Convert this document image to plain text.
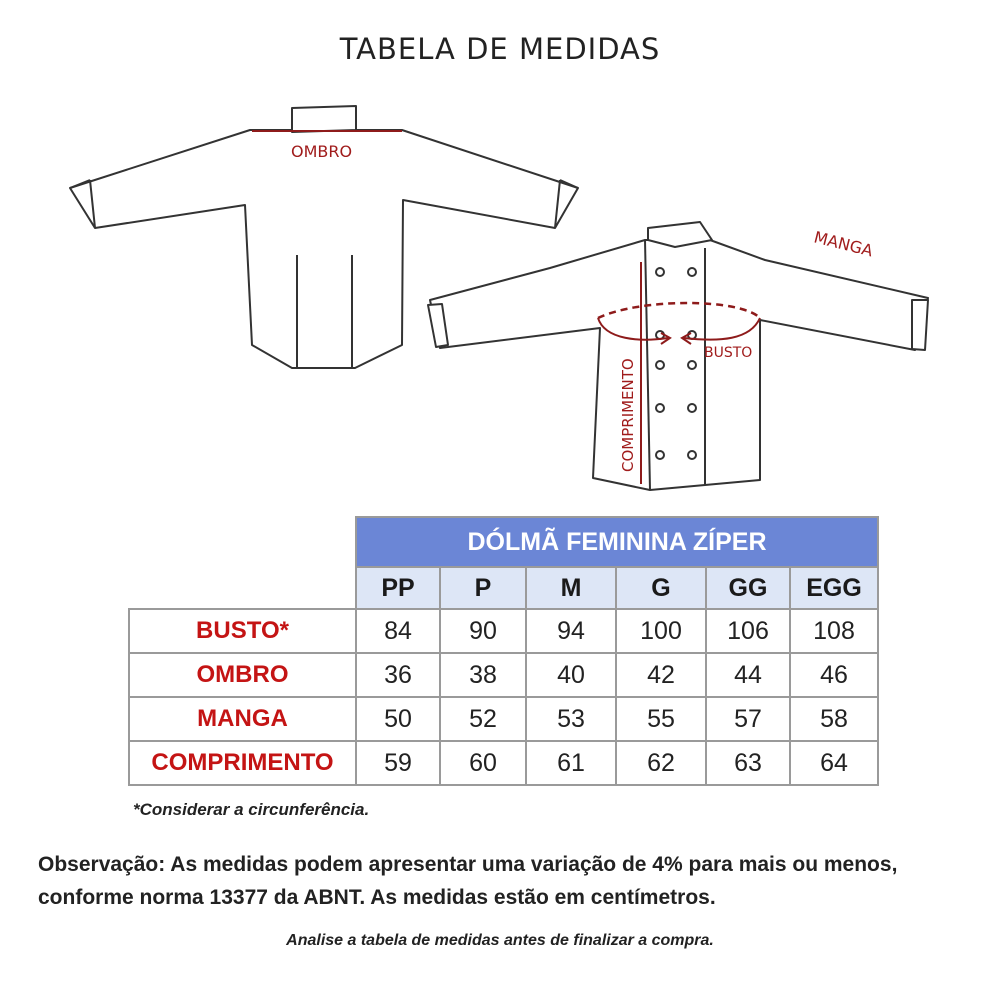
TABELA DE MEDIDAS
OMBRO
BUSTO
COMPRIMENTO
MANGA
	DÓLMÃ FEMININA ZÍPER					
	PP	P	M	G	GG	EGG
BUSTO*	84	90	94	100	106	108
OMBRO	36	38	40	42	44	46
MANGA	50	52	53	55	57	58
COMPRIMENTO	59	60	61	62	63	64
*Considerar a circunferência.
Observação: As medidas podem apresentar uma variação de 4% para mais ou menos, conforme norma 13377 da ABNT. As medidas estão em centímetros.
Analise a tabela de medidas antes de finalizar a compra.
